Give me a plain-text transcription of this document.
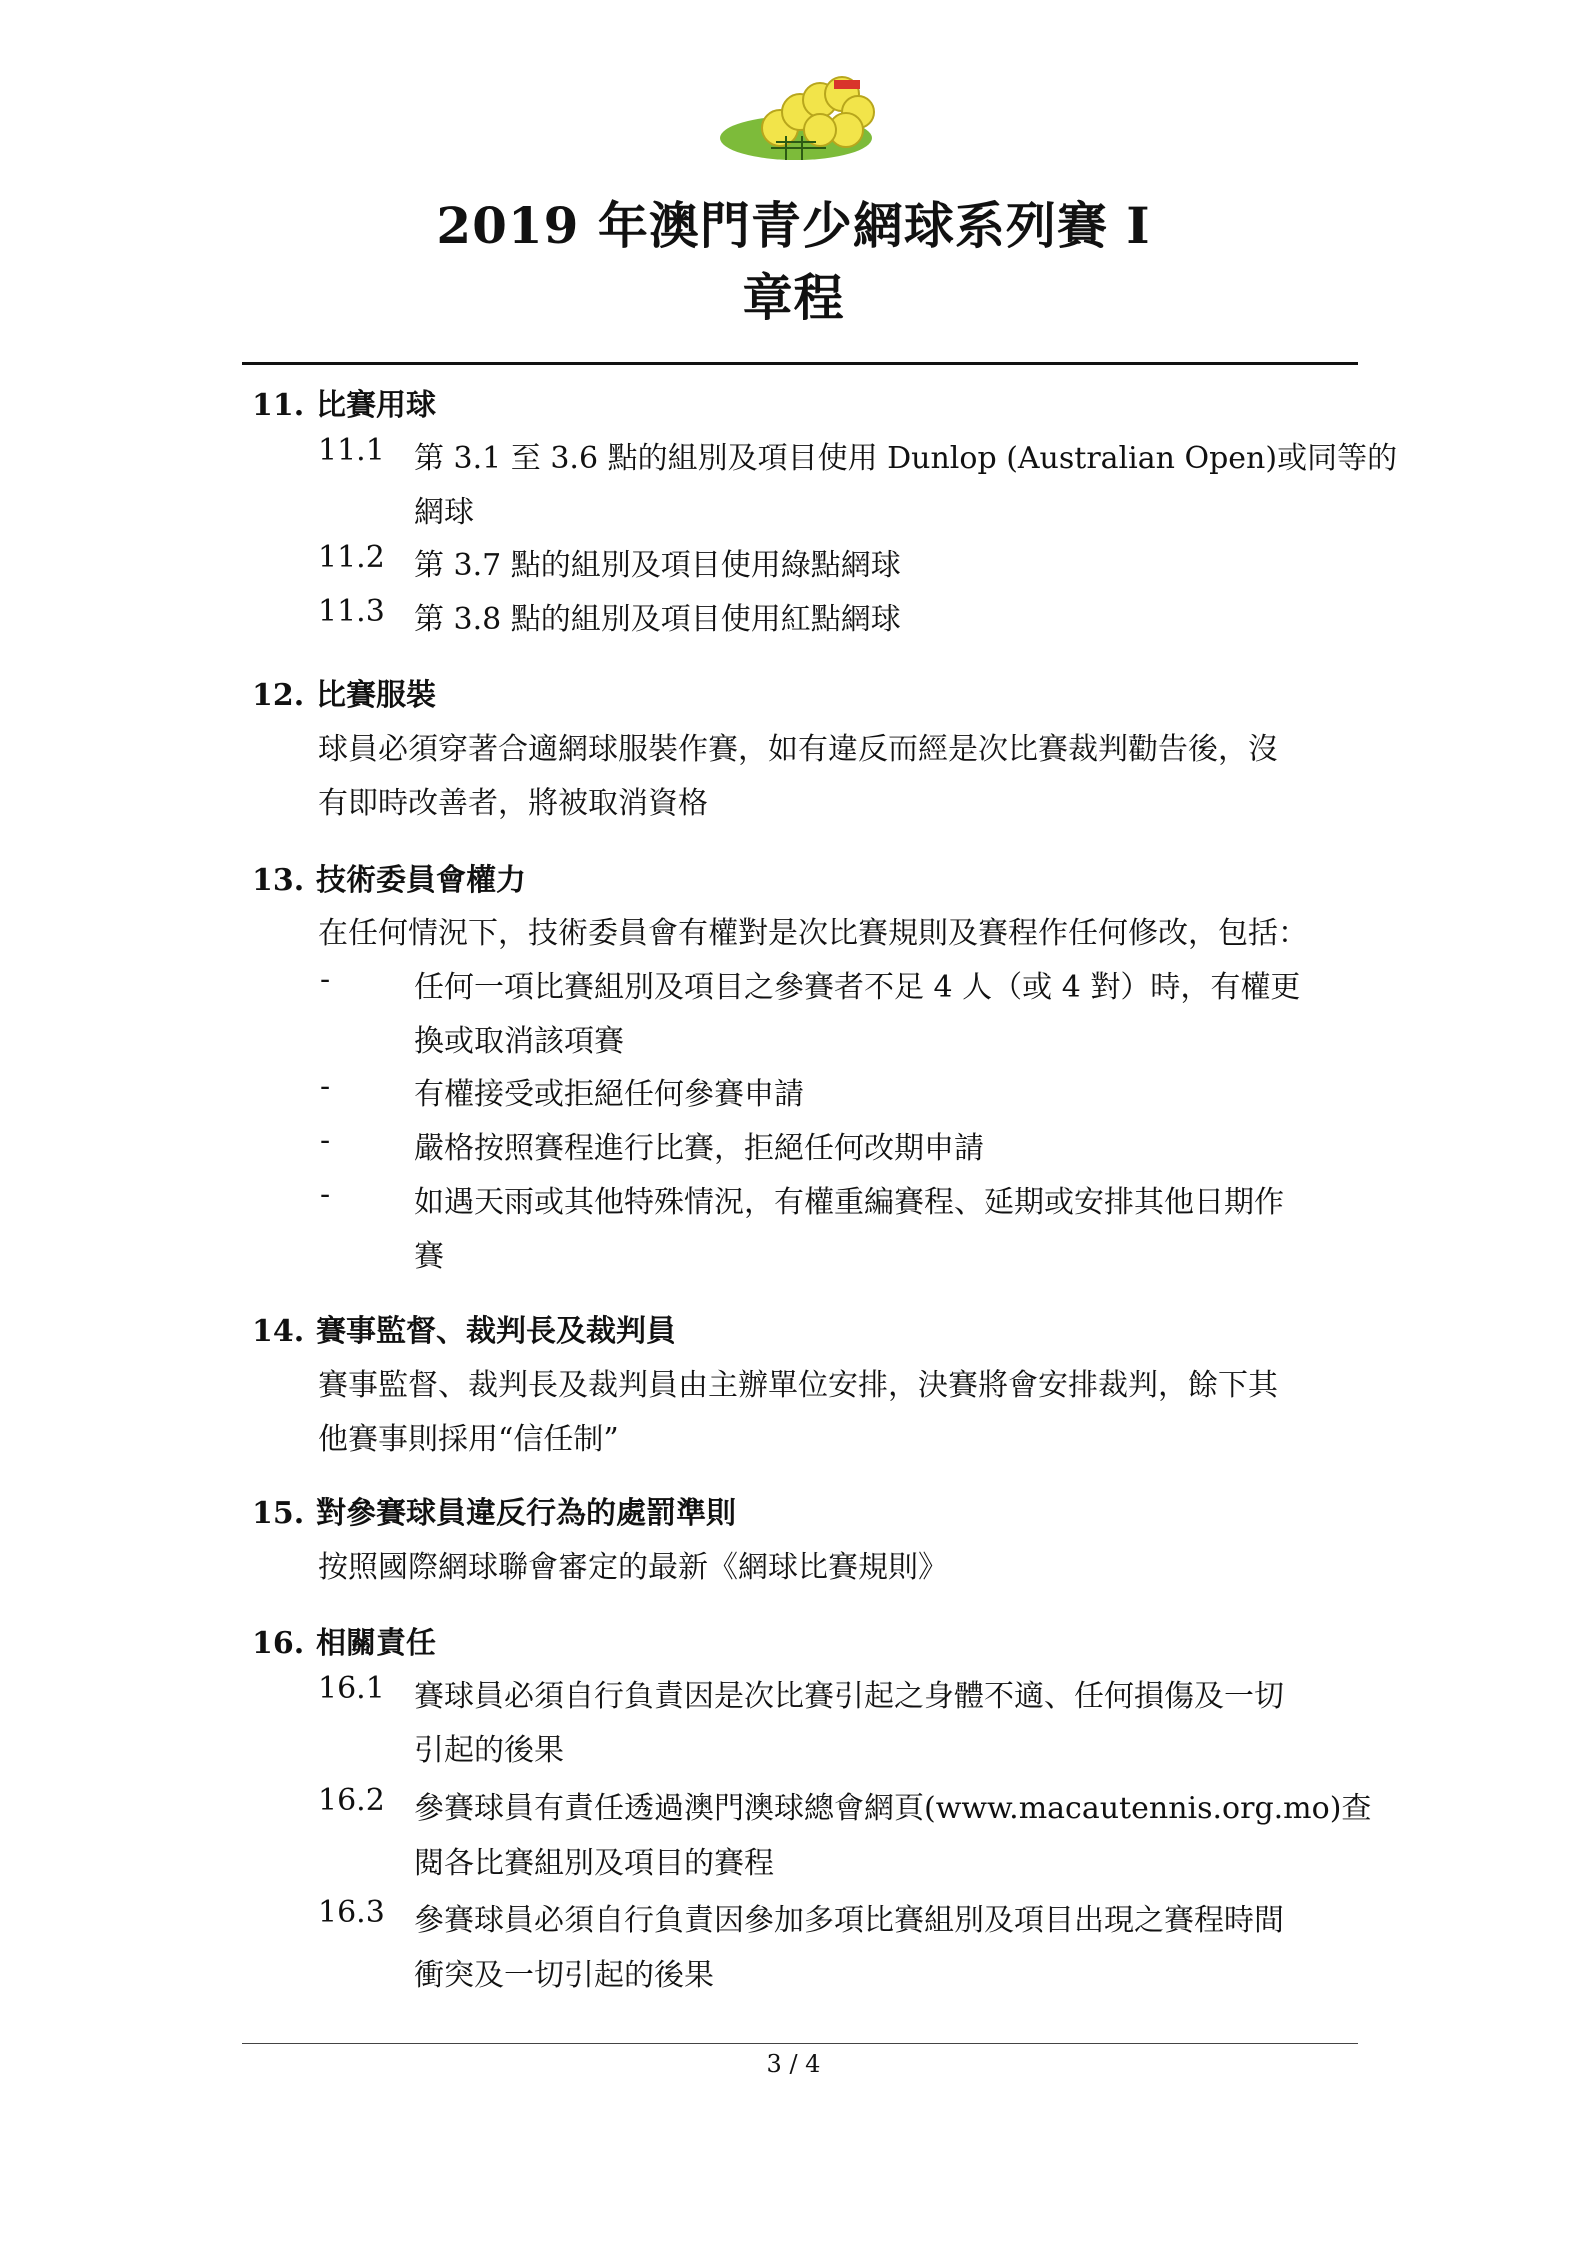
2019 年澳門青少網球系列賽 I
章程
11. 比賽用球
11.1 第 3.1 至 3.6 點的組別及項目使用 Dunlop (Australian Open)或同等的
網球
11.2 第 3.7 點的組別及項目使用綠點網球
11.3 第 3.8 點的組別及項目使用紅點網球
12. 比賽服裝
球員必須穿著合適網球服裝作賽，如有違反而經是次比賽裁判勸告後，沒
有即時改善者，將被取消資格
13. 技術委員會權力
在任何情況下，技術委員會有權對是次比賽規則及賽程作任何修改，包括：
-	任何一項比賽組別及項目之參賽者不足 4 人（或 4 對）時，有權更
換或取消該項賽
-	有權接受或拒絕任何參賽申請
-	嚴格按照賽程進行比賽，拒絕任何改期申請
-	如遇天雨或其他特殊情況，有權重編賽程、延期或安排其他日期作
賽
14. 賽事監督、裁判長及裁判員
賽事監督、裁判長及裁判員由主辦單位安排，決賽將會安排裁判，餘下其
他賽事則採用“信任制”
15. 對參賽球員違反行為的處罰準則
按照國際網球聯會審定的最新《網球比賽規則》
16. 相關責任
16.1 賽球員必須自行負責因是次比賽引起之身體不適、任何損傷及一切
引起的後果
16.2 參賽球員有責任透過澳門澳球總會網頁(www.macautennis.org.mo)查
閱各比賽組別及項目的賽程
16.3 參賽球員必須自行負責因參加多項比賽組別及項目出現之賽程時間
衝突及一切引起的後果
3 / 4
